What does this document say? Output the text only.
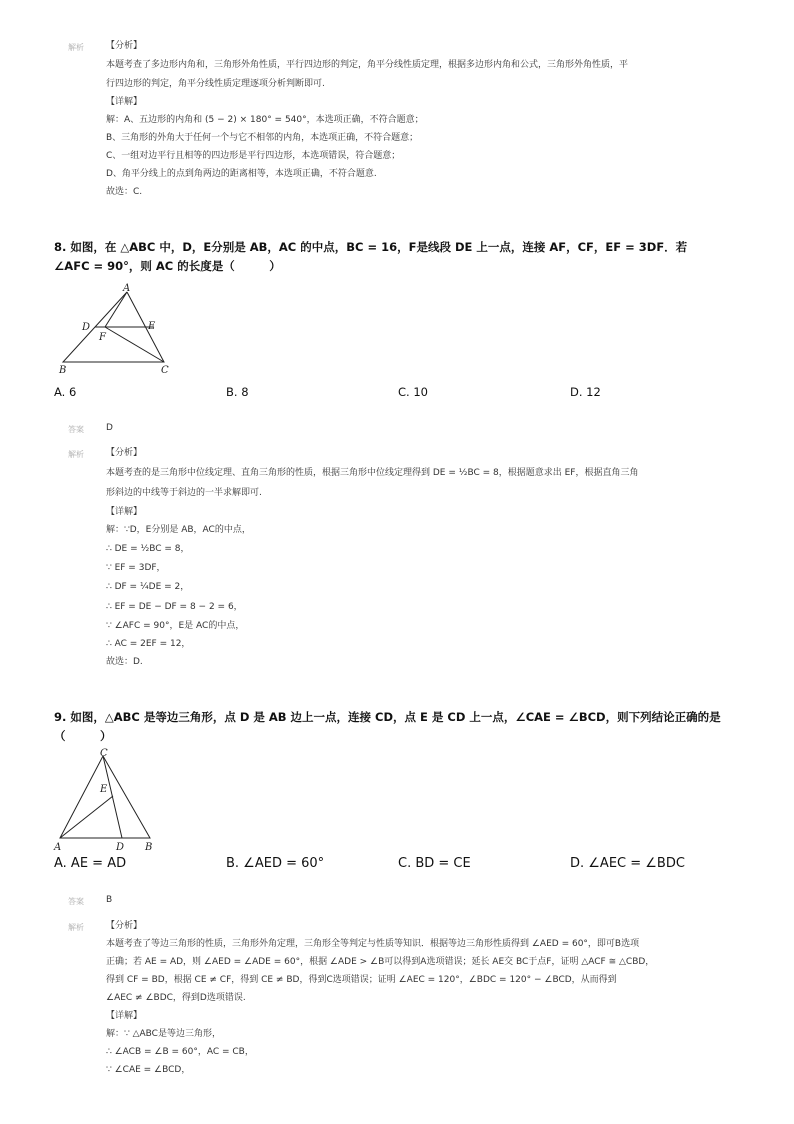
解析 【分析】
本题考查了多边形内角和，三角形外角性质，平行四边形的判定，角平分线性质定理，根据多边形内角和公式，三角形外角性质，平
行四边形的判定，角平分线性质定理逐项分析判断即可.
【详解】
解：A、五边形的内角和 (5 − 2) × 180° = 540°，本选项正确，不符合题意；
B、三角形的外角大于任何一个与它不相邻的内角，本选项正确，不符合题意；
C、一组对边平行且相等的四边形是平行四边形，本选项错误，符合题意；
D、角平分线上的点到角两边的距离相等，本选项正确，不符合题意.
故选：C.
8. 如图，在 △ABC 中，D，E分别是 AB，AC 的中点，BC = 16，F是线段 DE 上一点，连接 AF，CF，EF = 3DF．若
∠AFC = 90°，则 AC 的长度是（　　　）
A
D	E
F
B	C
A. 6	B. 8	C. 10	D. 12
答案 D
解析 【分析】
本题考查的是三角形中位线定理、直角三角形的性质，根据三角形中位线定理得到 DE = ½BC = 8，根据题意求出 EF，根据直角三角
形斜边的中线等于斜边的一半求解即可.
【详解】
解：∵D，E分别是 AB，AC的中点，
∴ DE = ½BC = 8，
∵ EF = 3DF，
∴ DF = ¼DE = 2，
∴ EF = DE − DF = 8 − 2 = 6，
∵ ∠AFC = 90°，E是 AC的中点，
∴ AC = 2EF = 12，
故选：D.
9. 如图，△ABC 是等边三角形，点 D 是 AB 边上一点，连接 CD，点 E 是 CD 上一点，∠CAE = ∠BCD，则下列结论正确的是
（　　　）
C
E
A	D B
A. AE = AD	B. ∠AED = 60°	C. BD = CE	D. ∠AEC = ∠BDC
答案 B
解析 【分析】
本题考查了等边三角形的性质，三角形外角定理，三角形全等判定与性质等知识．根据等边三角形性质得到 ∠AED = 60°，即可B选项
正确；若 AE = AD，则 ∠AED = ∠ADE = 60°，根据 ∠ADE > ∠B可以得到A选项错误；延长 AE交 BC于点F，证明 △ACF ≅ △CBD，
得到 CF = BD，根据 CE ≠ CF，得到 CE ≠ BD，得到C选项错误；证明 ∠AEC = 120°，∠BDC = 120° − ∠BCD，从而得到
∠AEC ≠ ∠BDC，得到D选项错误.
【详解】
解：∵ △ABC是等边三角形，
∴ ∠ACB = ∠B = 60°，AC = CB，
∵ ∠CAE = ∠BCD，
